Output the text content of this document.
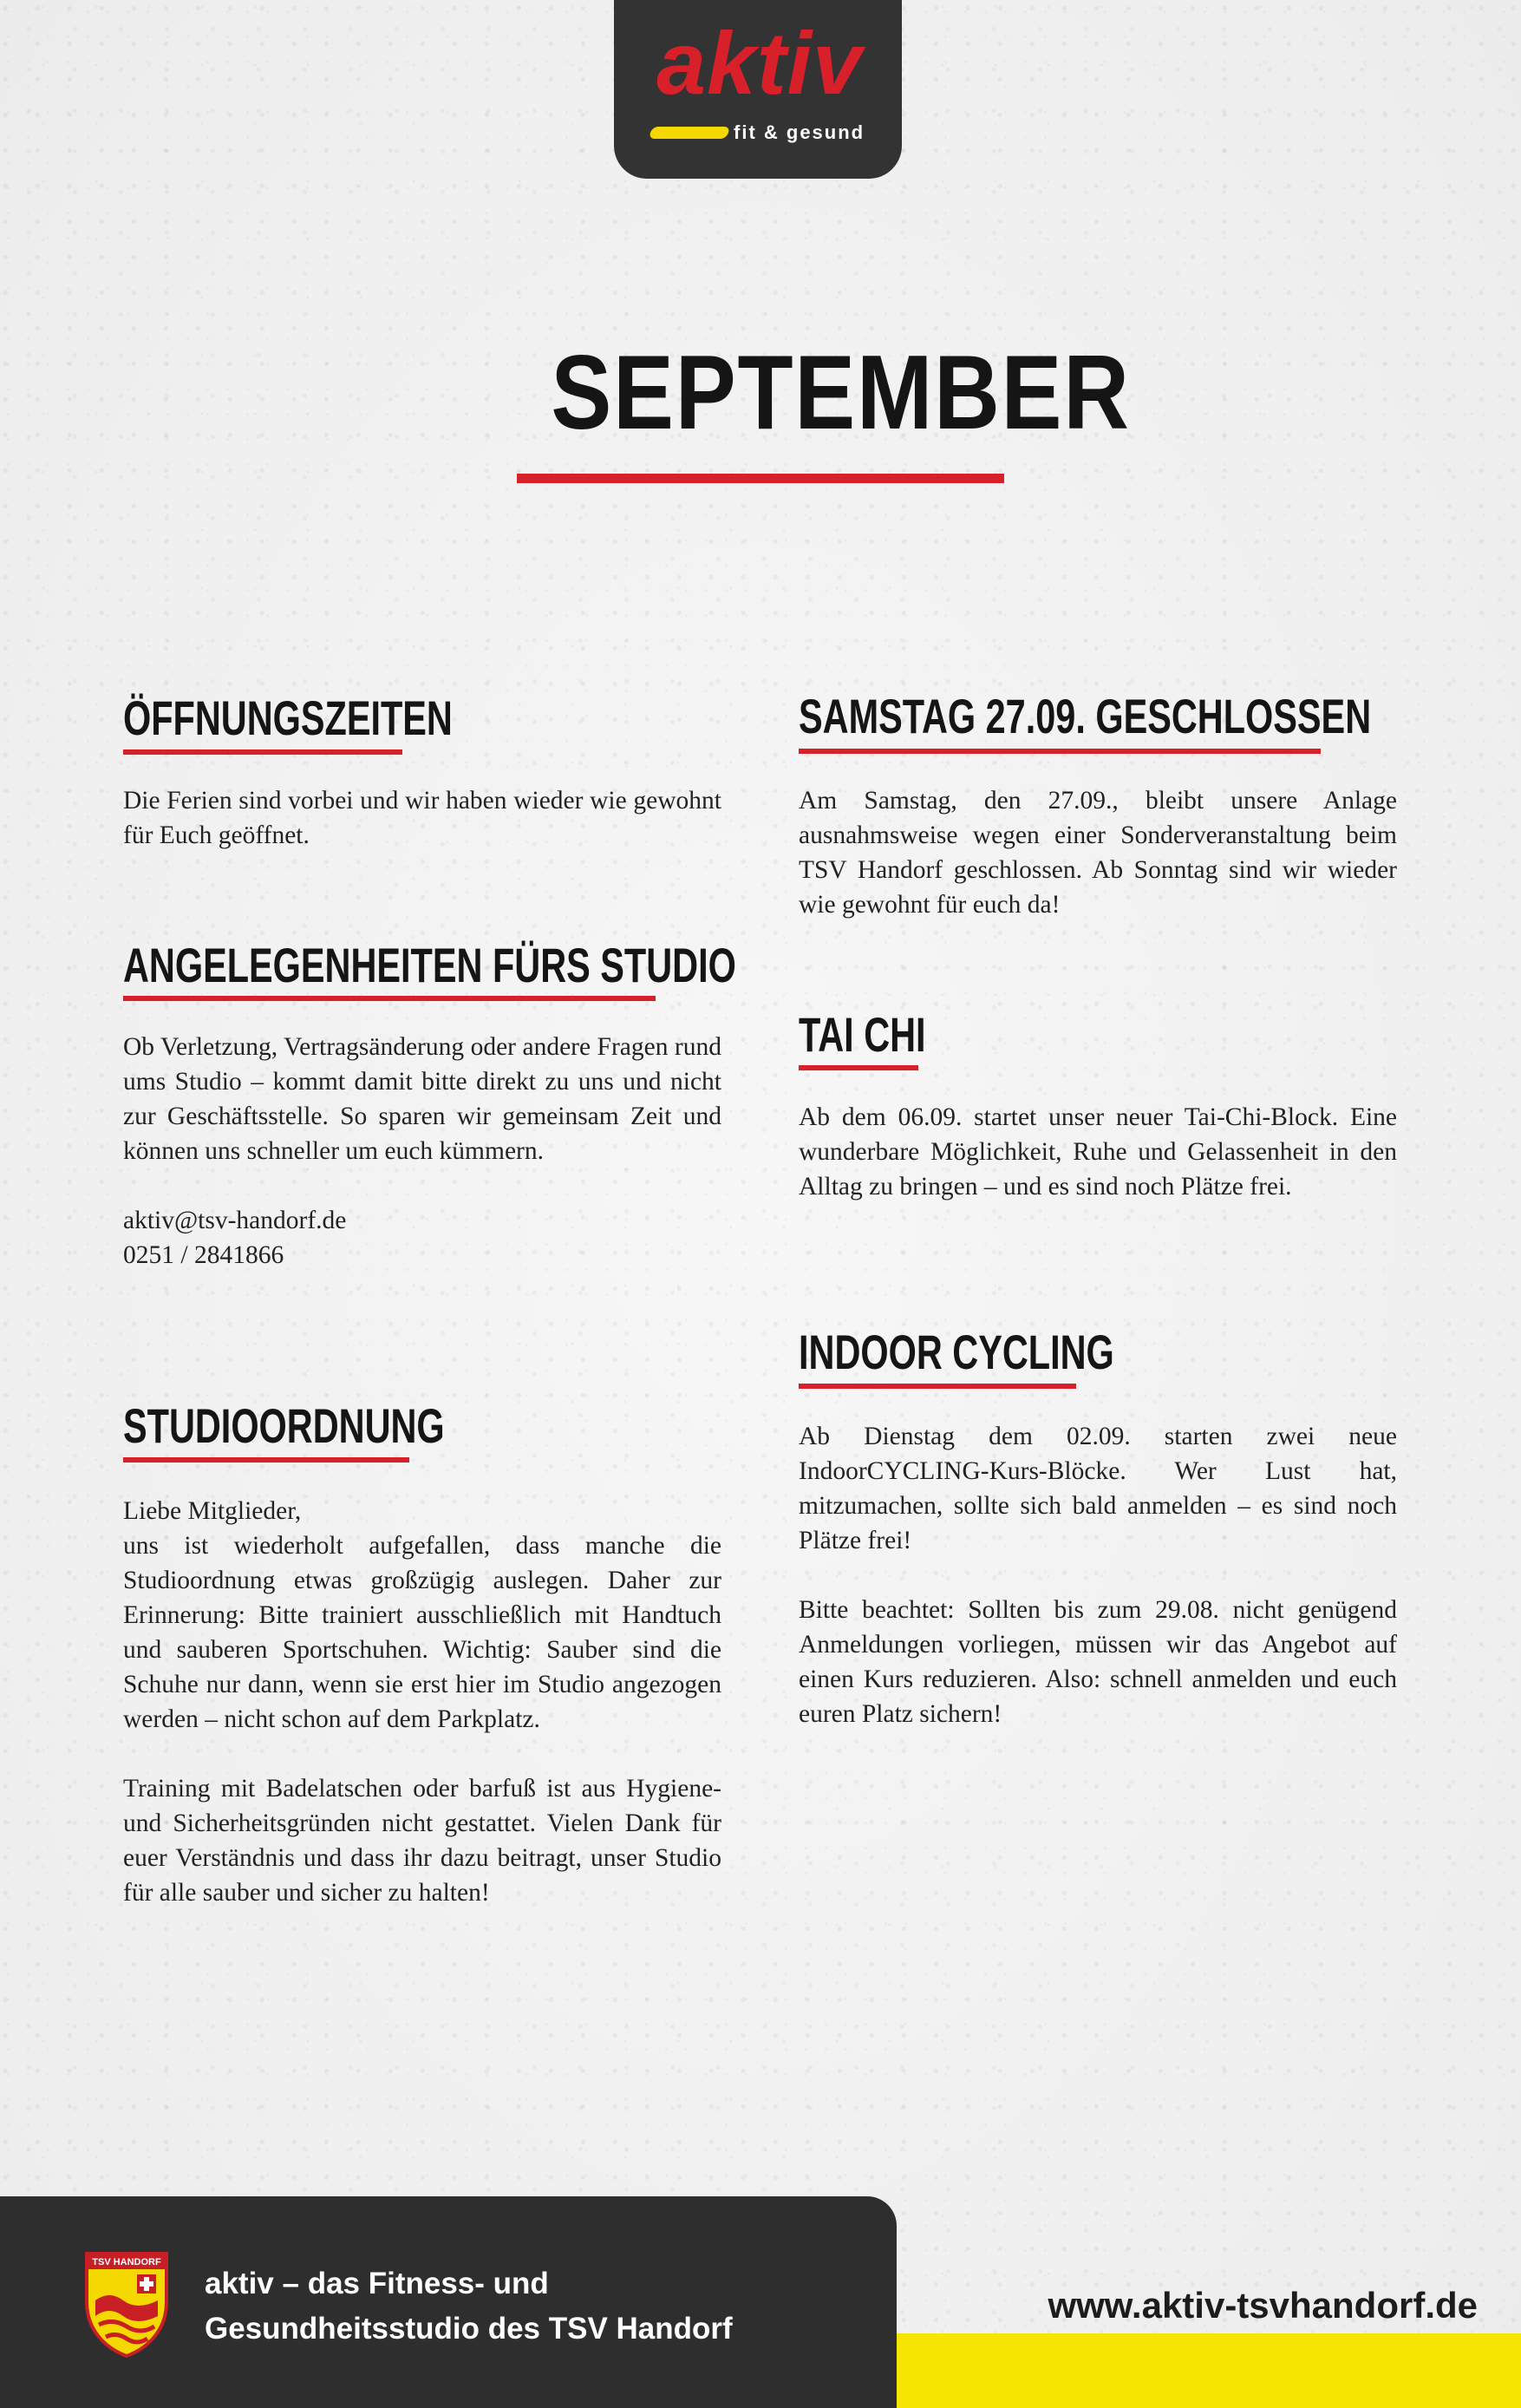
aktiv
fit & gesund
SEPTEMBER
ÖFFNUNGSZEITEN

Die Ferien sind vorbei und wir haben wieder wie gewohnt für Euch geöffnet.

ANGELEGENHEITEN FÜRS STUDIO

Ob Verletzung, Vertragsänderung oder andere Fragen rund ums Studio – kommt damit bitte direkt zu uns und nicht zur Geschäftsstelle. So sparen wir gemeinsam Zeit und können uns schneller um euch kümmern.

aktiv@tsv-handorf.de

0251 / 2841866

STUDIOORDNUNG

Liebe Mitglieder,

uns ist wiederholt aufgefallen, dass manche die Studioordnung etwas großzügig auslegen. Daher zur Erinnerung: Bitte trainiert ausschließlich mit Handtuch und sauberen Sportschuhen. Wichtig: Sauber sind die Schuhe nur dann, wenn sie erst hier im Studio angezogen werden – nicht schon auf dem Parkplatz.

Training mit Badelatschen oder barfuß ist aus Hygiene- und Sicherheitsgründen nicht gestattet. Vielen Dank für euer Verständnis und dass ihr dazu beitragt, unser Studio für alle sauber und sicher zu halten!

SAMSTAG 27.09. GESCHLOSSEN

Am Samstag, den 27.09., bleibt unsere Anlage ausnahmsweise wegen einer Sonderveranstaltung beim TSV Handorf geschlossen. Ab Sonntag sind wir wieder wie gewohnt für euch da!

TAI CHI

Ab dem 06.09. startet unser neuer Tai-Chi-Block. Eine wunderbare Möglichkeit, Ruhe und Gelassenheit in den Alltag zu bringen – und es sind noch Plätze frei.

INDOOR CYCLING

Ab Dienstag dem 02.09. starten zwei neue IndoorCYCLING-Kurs-Blöcke. Wer Lust hat, mitzumachen, sollte sich bald anmelden – es sind noch Plätze frei!

Bitte beachtet: Sollten bis zum 29.08. nicht genügend Anmeldungen vorliegen, müssen wir das Angebot auf einen Kurs reduzieren. Also: schnell anmelden und euch euren Platz sichern!

TSV HANDORF
aktiv – das Fitness- und
Gesundheitsstudio des TSV Handorf
www.aktiv-tsvhandorf.de
